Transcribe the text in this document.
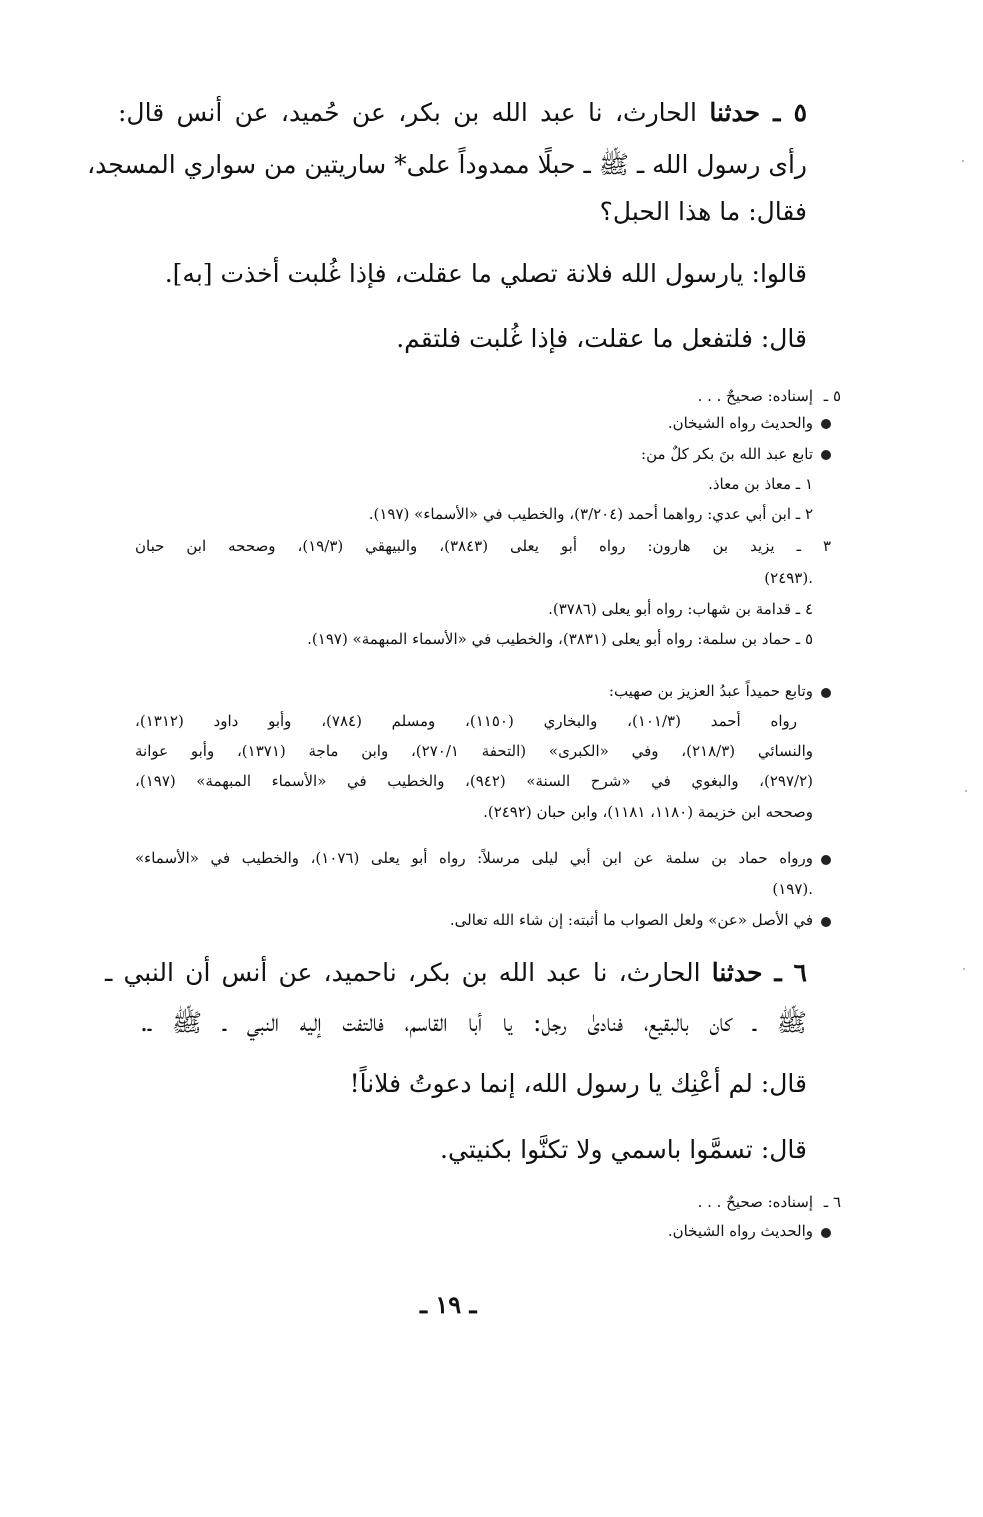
٥ ـ حدثنا الحارث، نا عبد الله بن بكر، عن حُميد، عن أنس قال:
رأى رسول الله ـ ﷺ ـ حبلًا ممدوداً على* ساريتين من سواري المسجد،
فقال: ما هذا الحبل؟
قالوا: يارسول الله فلانة تصلي ما عقلت، فإذا غُلبت أخذت [به].
قال: فلتفعل ما عقلت، فإذا غُلبت فلتقم.
٥ ـ
إسناده: صحيحٌ . . .
والحديث رواه الشيخان.
تابع عبد الله بنَ بكر كلٌ من:
١ ـ معاذ بن معاذ.
٢ ـ ابن أبي عدي: رواهما أحمد (٣/٢٠٤)، والخطيب في «الأسماء» (١٩٧).
٣ ـ يزيد بن هارون: رواه أبو يعلى (٣٨٤٣)، والبيهقي (١٩/٣)، وصححه ابن حبان
(٢٤٩٣).
٤ ـ قدامة بن شهاب: رواه أبو يعلى (٣٧٨٦).
٥ ـ حماد بن سلمة: رواه أبو يعلى (٣٨٣١)، والخطيب في «الأسماء المبهمة» (١٩٧).
وتابع حميداً عبدُ العزيز بن صهيب:
رواه أحمد (١٠١/٣)، والبخاري (١١٥٠)، ومسلم (٧٨٤)، وأبو داود (١٣١٢)،
والنسائي (٢١٨/٣)، وفي «الكبرى» (التحفة ٢٧٠/١)، وابن ماجة (١٣٧١)، وأبو عوانة
(٢٩٧/٢)، والبغوي في «شرح السنة» (٩٤٢)، والخطيب في «الأسماء المبهمة» (١٩٧)،
وصححه ابن خزيمة (١١٨٠، ١١٨١)، وابن حبان (٢٤٩٢).
ورواه حماد بن سلمة عن ابن أبي ليلى مرسلاً: رواه أبو يعلى (١٠٧٦)، والخطيب في «الأسماء»
(١٩٧).
في الأصل «عن» ولعل الصواب ما أثبته: إن شاء الله تعالى.
٦ ـ حدثنا الحارث، نا عبد الله بن بكر، ناحميد، عن أنس أن النبي ـ
ﷺ ـ كان بالبقيع، فنادىٰ رجل: يا أبا القاسم، فالتفت إليه النبي ـ ﷺ ـ.
قال: لم أعْنِك يا رسول الله، إنما دعوتُ فلاناً!
قال: تسمَّوا باسمي ولا تكنَّوا بكنيتي.
٦ ـ
إسناده: صحيحٌ . . .
والحديث رواه الشيخان.
ـ ١٩ ـ
